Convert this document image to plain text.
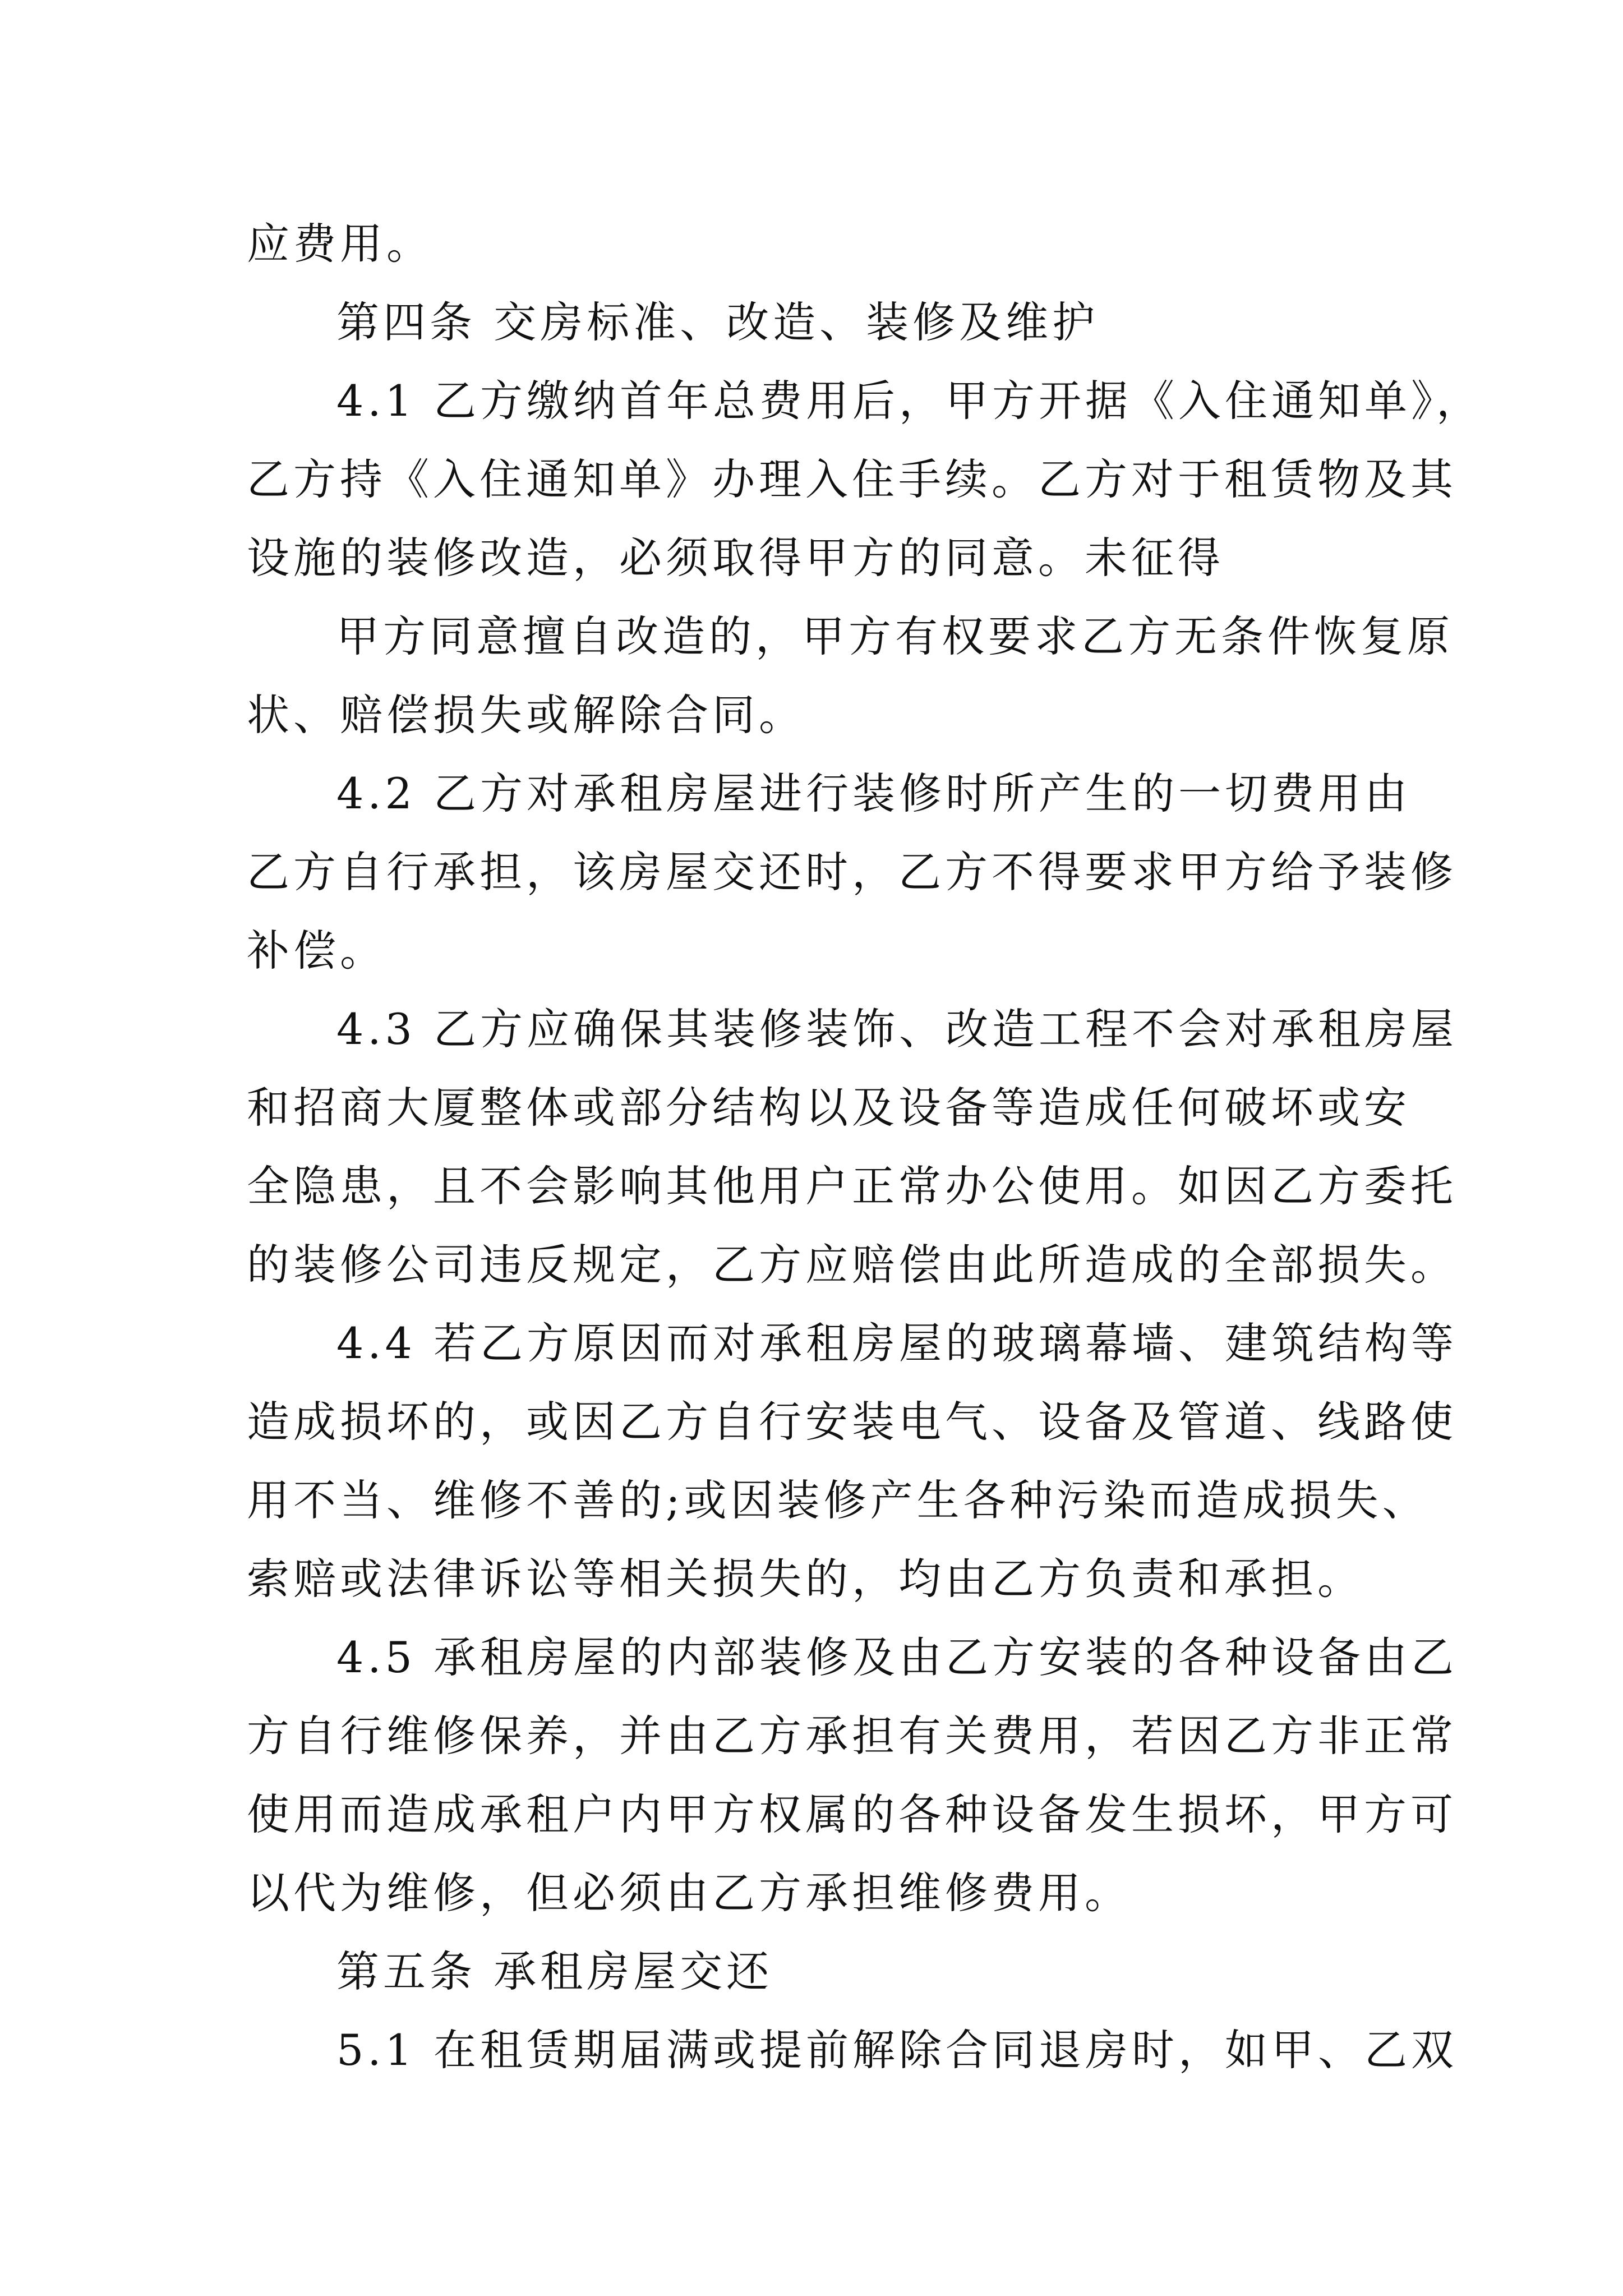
应费用。
第四条 交房标准、改造、装修及维护
4.1 乙方缴纳首年总费用后，甲方开据《入住通知单》，
乙方持《入住通知单》办理入住手续。乙方对于租赁物及其
设施的装修改造，必须取得甲方的同意。未征得
甲方同意擅自改造的，甲方有权要求乙方无条件恢复原
状、赔偿损失或解除合同。
4.2 乙方对承租房屋进行装修时所产生的一切费用由
乙方自行承担，该房屋交还时，乙方不得要求甲方给予装修
补偿。
4.3 乙方应确保其装修装饰、改造工程不会对承租房屋
和招商大厦整体或部分结构以及设备等造成任何破坏或安
全隐患，且不会影响其他用户正常办公使用。如因乙方委托
的装修公司违反规定，乙方应赔偿由此所造成的全部损失。
4.4 若乙方原因而对承租房屋的玻璃幕墙、建筑结构等
造成损坏的，或因乙方自行安装电气、设备及管道、线路使
用不当、维修不善的;或因装修产生各种污染而造成损失、
索赔或法律诉讼等相关损失的，均由乙方负责和承担。
4.5 承租房屋的内部装修及由乙方安装的各种设备由乙
方自行维修保养，并由乙方承担有关费用，若因乙方非正常
使用而造成承租户内甲方权属的各种设备发生损坏，甲方可
以代为维修，但必须由乙方承担维修费用。
第五条 承租房屋交还
5.1 在租赁期届满或提前解除合同退房时，如甲、乙双
